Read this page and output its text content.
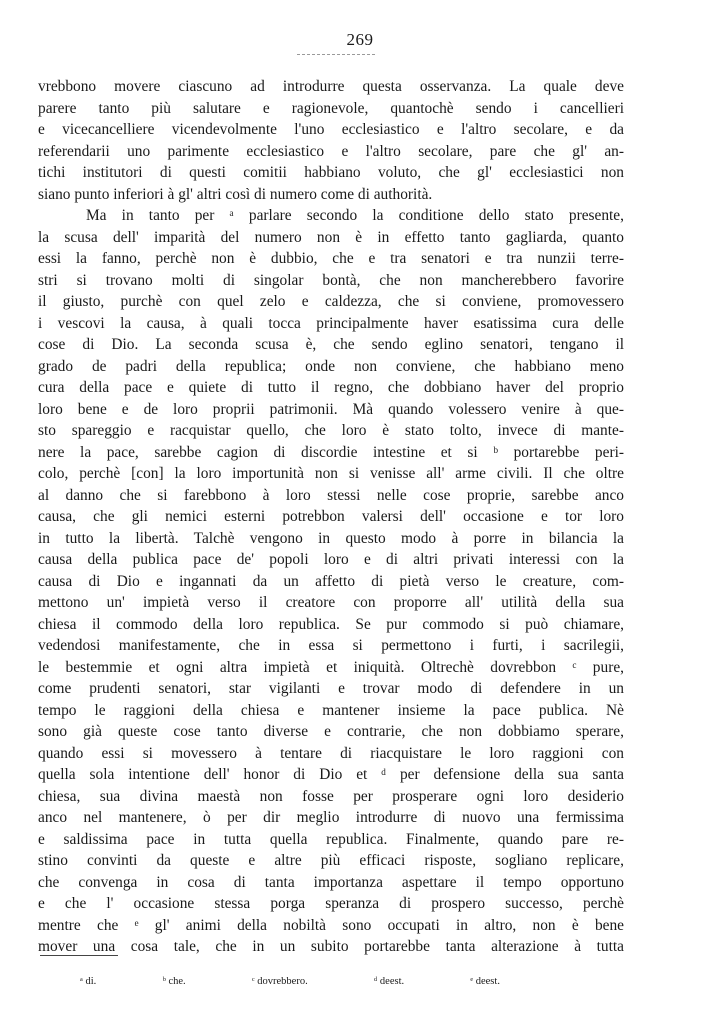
269
vrebbono movere ciascuno ad introdurre questa osservanza. La quale deve
parere tanto più salutare e ragionevole, quantochè sendo i cancellieri
e vicecancelliere vicendevolmente l'uno ecclesiastico e l'altro secolare, e da
referendarii uno parimente ecclesiastico e l'altro secolare, pare che gl' an-
tichi institutori di questi comitii habbiano voluto, che gl' ecclesiastici non
siano punto inferiori à gl' altri così di numero come di authorità.
Ma in tanto per ᵃ parlare secondo la conditione dello stato presente,
la scusa dell' imparità del numero non è in effetto tanto gagliarda, quanto
essi la fanno, perchè non è dubbio, che e tra senatori e tra nunzii terre-
stri si trovano molti di singolar bontà, che non mancherebbero favorire
il giusto, purchè con quel zelo e caldezza, che si conviene, promovessero
i vescovi la causa, à quali tocca principalmente haver esatissima cura delle
cose di Dio. La seconda scusa è, che sendo eglino senatori, tengano il
grado de padri della republica; onde non conviene, che habbiano meno
cura della pace e quiete di tutto il regno, che dobbiano haver del proprio
loro bene e de loro proprii patrimonii. Mà quando volessero venire à que-
sto spareggio e racquistar quello, che loro è stato tolto, invece di mante-
nere la pace, sarebbe cagion di discordie intestine et si ᵇ portarebbe peri-
colo, perchè [con] la loro importunità non si venisse all' arme civili. Il che oltre
al danno che si farebbono à loro stessi nelle cose proprie, sarebbe anco
causa, che gli nemici esterni potrebbon valersi dell' occasione e tor loro
in tutto la libertà. Talchè vengono in questo modo à porre in bilancia la
causa della publica pace de' popoli loro e di altri privati interessi con la
causa di Dio e ingannati da un affetto di pietà verso le creature, com-
mettono un' impietà verso il creatore con proporre all' utilità della sua
chiesa il commodo della loro republica. Se pur commodo si può chiamare,
vedendosi manifestamente, che in essa si permettono i furti, i sacrilegii,
le bestemmie et ogni altra impietà et iniquità. Oltrechè dovrebbon ᶜ pure,
come prudenti senatori, star vigilanti e trovar modo di defendere in un
tempo le raggioni della chiesa e mantener insieme la pace publica. Nè
sono già queste cose tanto diverse e contrarie, che non dobbiamo sperare,
quando essi si movessero à tentare di riacquistare le loro raggioni con
quella sola intentione dell' honor di Dio et ᵈ per defensione della sua santa
chiesa, sua divina maestà non fosse per prosperare ogni loro desiderio
anco nel mantenere, ò per dir meglio introdurre di nuovo una fermissima
e saldissima pace in tutta quella republica. Finalmente, quando pare re-
stino convinti da queste e altre più efficaci risposte, sogliano replicare,
che convenga in cosa di tanta importanza aspettare il tempo opportuno
e che l' occasione stessa porga speranza di prospero successo, perchè
mentre che ᵉ gl' animi della nobiltà sono occupati in altro, non è bene
mover una cosa tale, che in un subito portarebbe tanta alterazione à tutta
ᵃ di.	ᵇ che.	ᶜ dovrebbero.	ᵈ deest.	ᵉ deest.
